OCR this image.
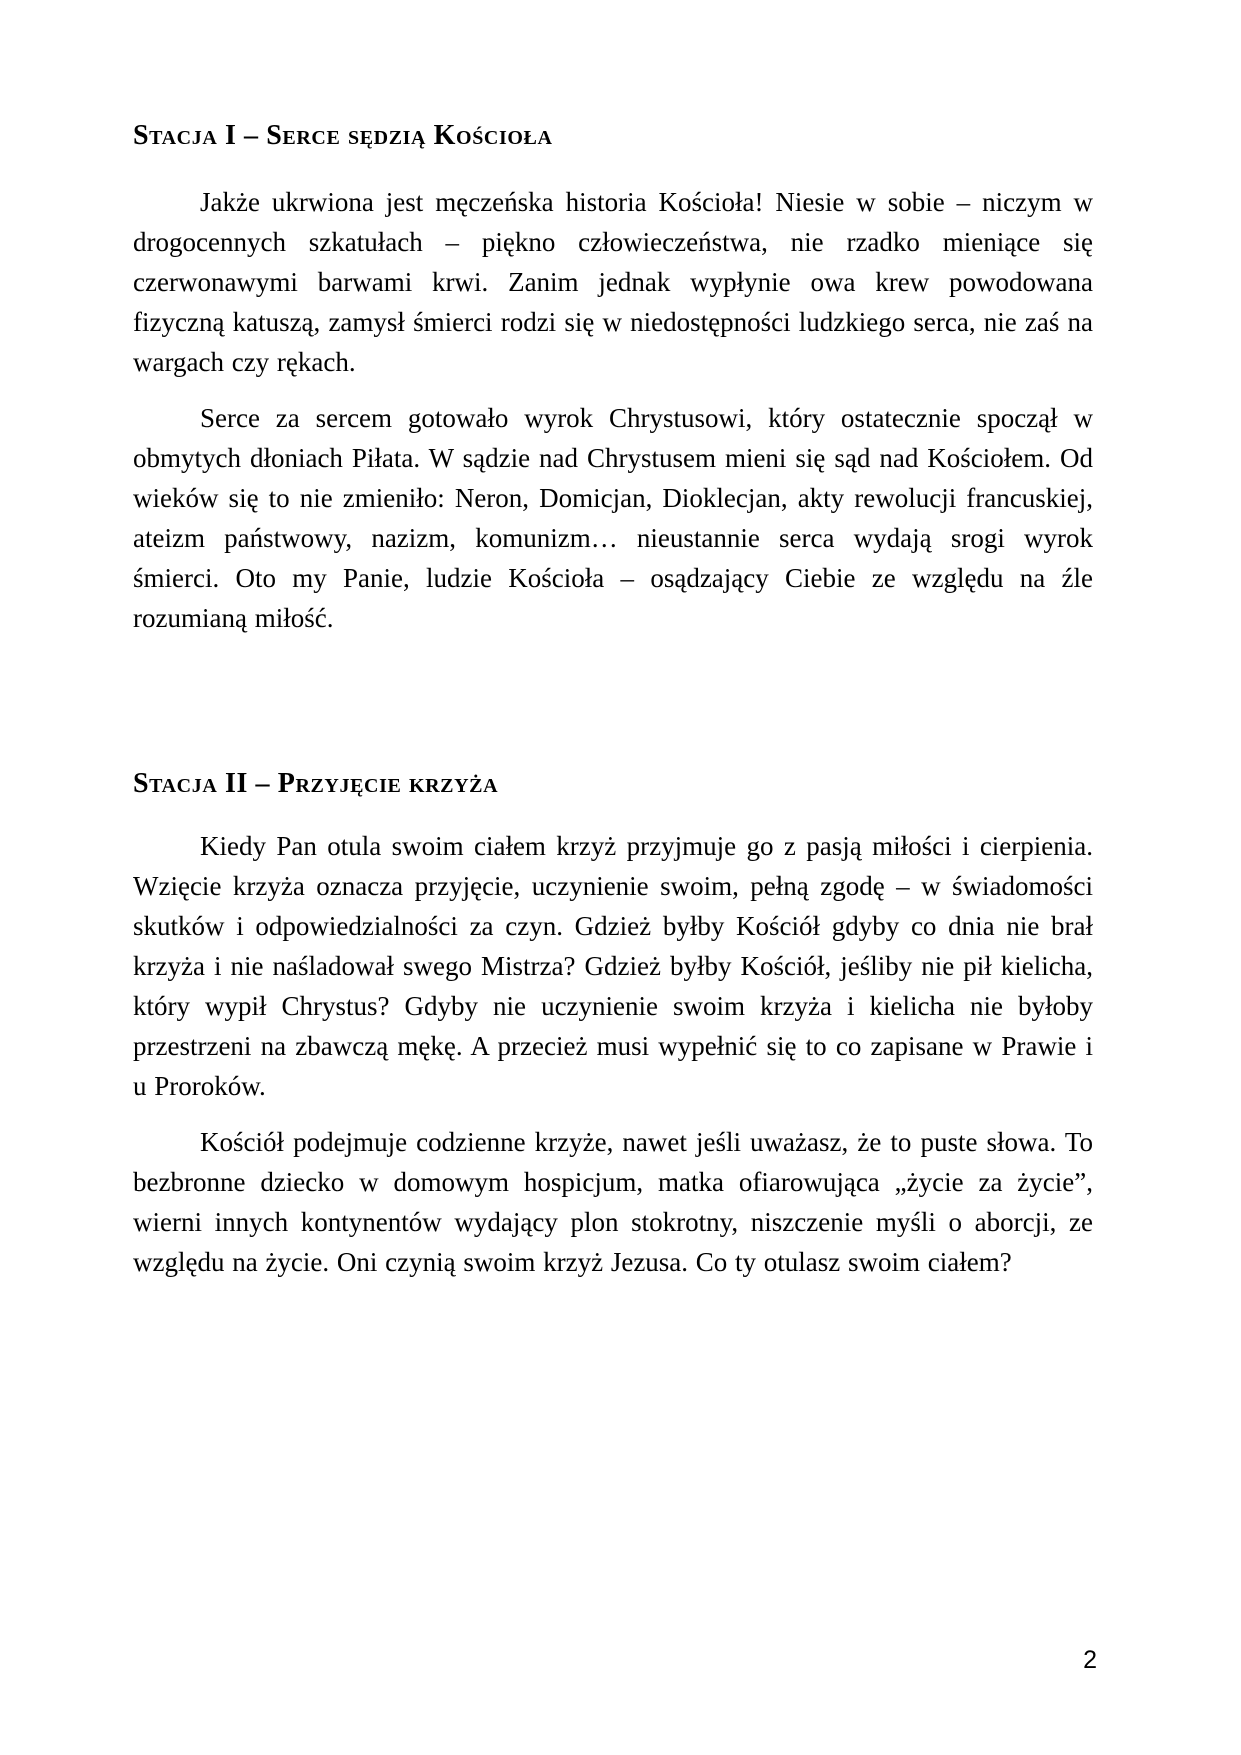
Stacja I – Serce sędzią Kościoła

Jakże ukrwiona jest męczeńska historia Kościoła! Niesie w sobie – niczym w drogocennych szkatułach – piękno człowieczeństwa, nie rzadko mieniące się czerwonawymi barwami krwi. Zanim jednak wypłynie owa krew powodowana fizyczną katuszą, zamysł śmierci rodzi się w niedostępności ludzkiego serca, nie zaś na wargach czy rękach.

Serce za sercem gotowało wyrok Chrystusowi, który ostatecznie spoczął w obmytych dłoniach Piłata. W sądzie nad Chrystusem mieni się sąd nad Kościołem. Od wieków się to nie zmieniło: Neron, Domicjan, Dioklecjan, akty rewolucji francuskiej, ateizm państwowy, nazizm, komunizm… nieustannie serca wydają srogi wyrok śmierci. Oto my Panie, ludzie Kościoła – osądzający Ciebie ze względu na źle rozumianą miłość.

Stacja II – Przyjęcie krzyża

Kiedy Pan otula swoim ciałem krzyż przyjmuje go z pasją miłości i cierpienia. Wzięcie krzyża oznacza przyjęcie, uczynienie swoim, pełną zgodę – w świadomości skutków i odpowiedzialności za czyn. Gdzież byłby Kościół gdyby co dnia nie brał krzyża i nie naśladował swego Mistrza? Gdzież byłby Kościół, jeśliby nie pił kielicha, który wypił Chrystus? Gdyby nie uczynienie swoim krzyża i kielicha nie byłoby przestrzeni na zbawczą mękę. A przecież musi wypełnić się to co zapisane w Prawie i u Proroków.

Kościół podejmuje codzienne krzyże, nawet jeśli uważasz, że to puste słowa. To bezbronne dziecko w domowym hospicjum, matka ofiarowująca „życie za życie”, wierni innych kontynentów wydający plon stokrotny, niszczenie myśli o aborcji, ze względu na życie. Oni czynią swoim krzyż Jezusa. Co ty otulasz swoim ciałem?

2
